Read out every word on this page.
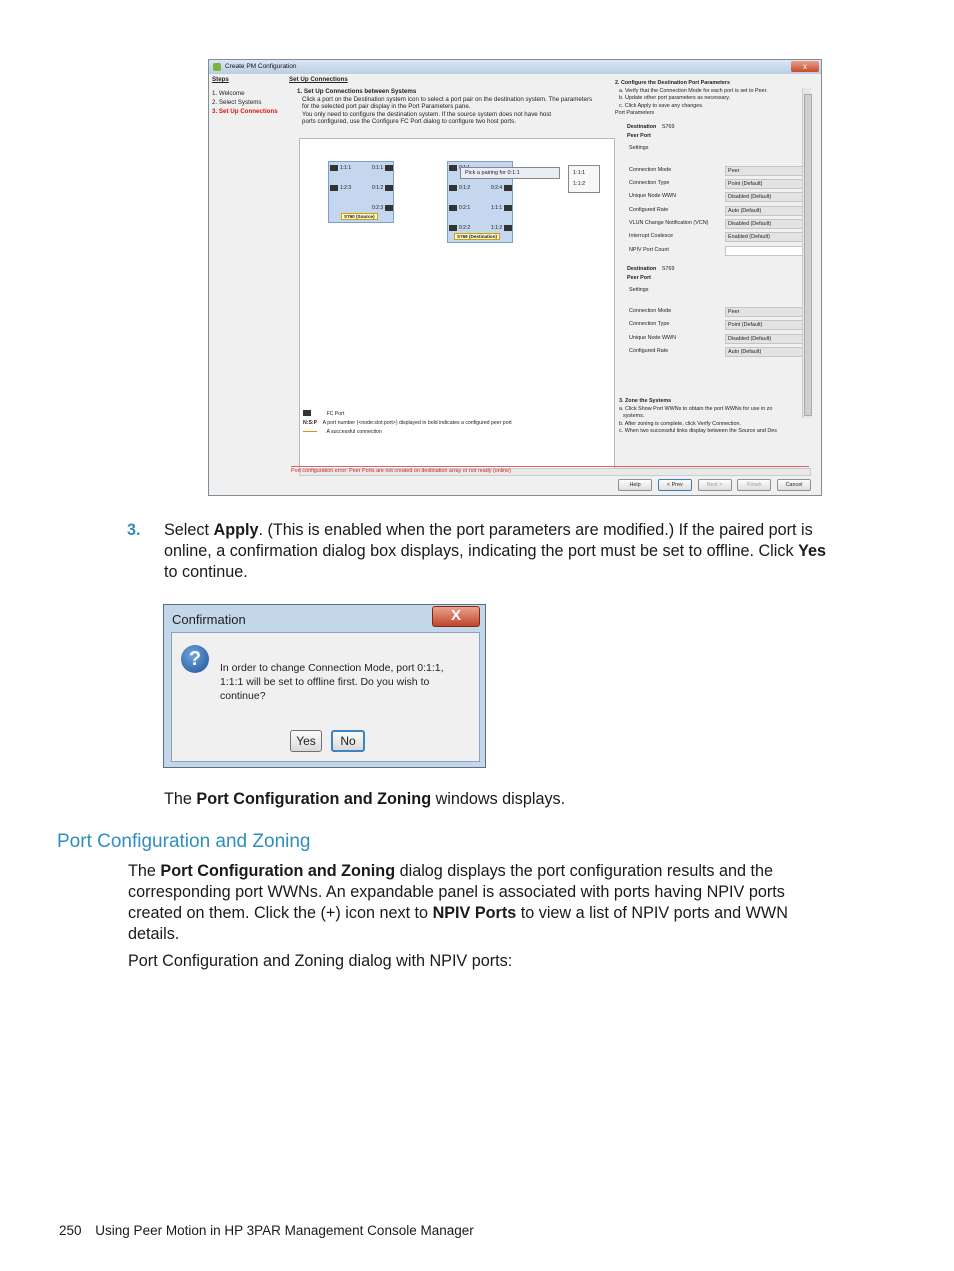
Create PM Configuration	x
Steps
1. Welcome
2. Select Systems
3. Set Up Connections
Set Up Connections
1. Set Up Connections between Systems
Click a port on the Destination system icon to select a port pair on the destination system. The parameters
for the selected port pair display in the Port Parameters pane.
You only need to configure the destination system. If the source system does not have host
ports configured, use the Configure FC Port dialog to configure two host ports.
1:1:1	0:1:1
1:2:3	0:1:2
0:2:3
S760 (Source)
0:1:2	0:2:4
0:2:1	1:1:1
0:2:2	1:1:2
S769 (Destination)
Pick a pairing for 0:1:1	1:1:1
1:1:2
FC Port
N:S:P A port number (<node:slot:port>) displayed in bold indicates a configured peer port
A successful connection
2. Configure the Destination Port Parameters
a. Verify that the Connection Mode for each port is set to Peer.
b. Update other port parameters as necessary.
c. Click Apply to save any changes.
Port Parameters
Destination S769
Peer Port
Settings
Connection Mode	Peer
Connection Type	Point (Default)
Unique Node WWN	Disabled (Default)
Configured Rate	Auto (Default)
VLUN Change Notification (VCN)	Disabled (Default)
Interrupt Coalesce	Enabled (Default)
NPIV Port Count
Destination S769
Peer Port
Settings
Connection Mode	Peer
Connection Type	Point (Default)
Unique Node WWN	Disabled (Default)
Configured Rate	Auto (Default)
3. Zone the Systems
a. Click Show Port WWNs to obtain the port WWNs for use in zo
systems.
b. After zoning is complete, click Verify Connection.
c. When two successful links display between the Source and Des
Port configuration error: Peer Ports are not created on destination array or not ready (online)
Help	< Prev	Next >	Finish	Cancel
3. Select Apply. (This is enabled when the port parameters are modified.) If the paired port is
online, a confirmation dialog box displays, indicating the port must be set to offline. Click Yes
to continue.
Confirmation	X
?	In order to change Connection Mode, port 0:1:1,
1:1:1 will be set to offline first. Do you wish to
continue?
Yes	No
The Port Configuration and Zoning windows displays.
Port Configuration and Zoning
The Port Configuration and Zoning dialog displays the port configuration results and the
corresponding port WWNs. An expandable panel is associated with ports having NPIV ports
created on them. Click the (+) icon next to NPIV Ports to view a list of NPIV ports and WWN
details.
Port Configuration and Zoning dialog with NPIV ports:
250 Using Peer Motion in HP 3PAR Management Console Manager
